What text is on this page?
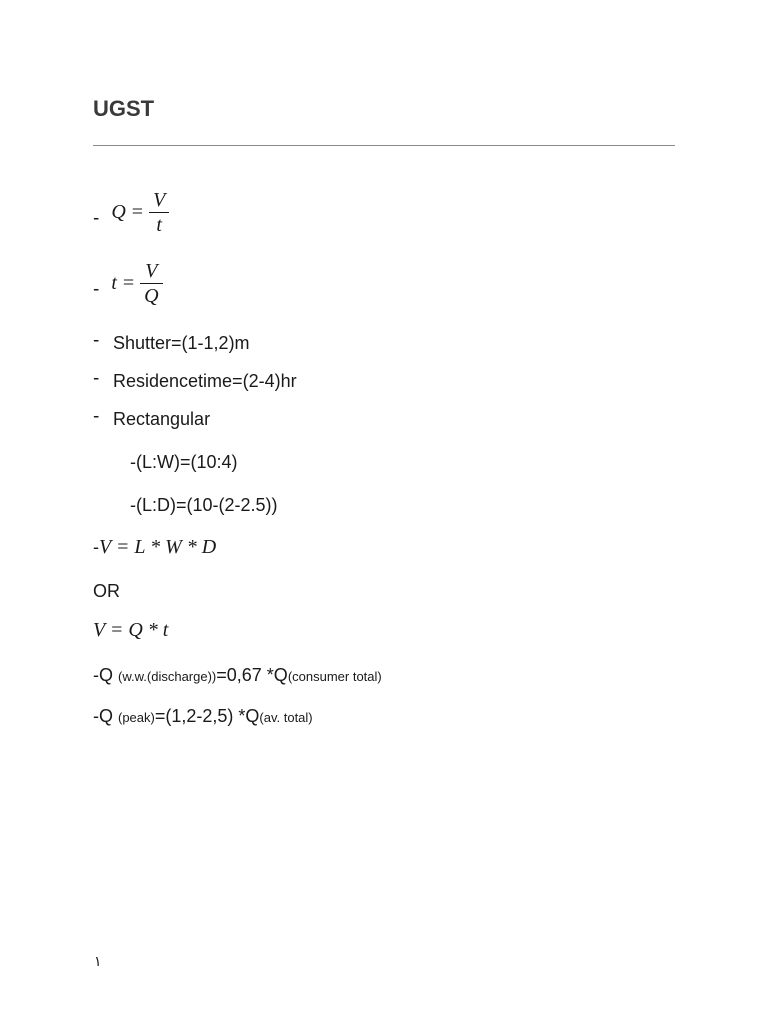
UGST
- $Q = \frac{V}{t}$
- $t = \frac{V}{Q}$
- Shutter=(1-1,2)m
- Residencetime=(2-4)hr
- Rectangular
-(L:W)=(10:4)
-(L:D)=(10-(2-2.5))
-V = L * W * D
OR
V = Q * t
-Q (w.w.(discharge))=0,67 *Q(consumer total)
-Q (peak)=(1,2-2,5) *Q(av. total)
١
